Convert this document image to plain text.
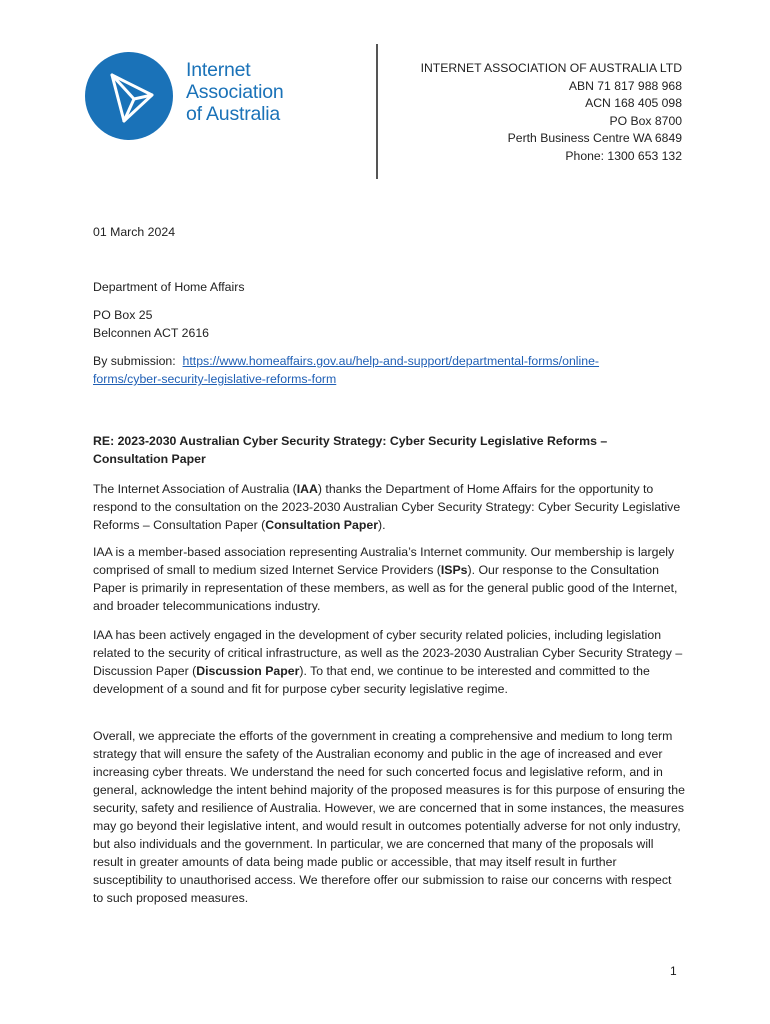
Internet
Association
of Australia
INTERNET ASSOCIATION OF AUSTRALIA LTD
ABN 71 817 988 968
ACN 168 405 098
PO Box 8700
Perth Business Centre WA 6849
Phone: 1300 653 132
01 March 2024
Department of Home Affairs
PO Box 25
Belconnen ACT 2616
By submission: https://www.homeaffairs.gov.au/help-and-support/departmental-forms/online-
forms/cyber-security-legislative-reforms-form
RE: 2023-2030 Australian Cyber Security Strategy: Cyber Security Legislative Reforms –
Consultation Paper

The Internet Association of Australia (IAA) thanks the Department of Home Affairs for the opportunity to respond to the consultation on the 2023-2030 Australian Cyber Security Strategy: Cyber Security Legislative Reforms – Consultation Paper (Consultation Paper).

IAA is a member-based association representing Australia’s Internet community. Our membership is largely comprised of small to medium sized Internet Service Providers (ISPs). Our response to the Consultation Paper is primarily in representation of these members, as well as for the general public good of the Internet, and broader telecommunications industry.

IAA has been actively engaged in the development of cyber security related policies, including legislation related to the security of critical infrastructure, as well as the 2023-2030 Australian Cyber Security Strategy – Discussion Paper (Discussion Paper). To that end, we continue to be interested and committed to the development of a sound and fit for purpose cyber security legislative regime.

Overall, we appreciate the efforts of the government in creating a comprehensive and medium to long term strategy that will ensure the safety of the Australian economy and public in the age of increased and ever increasing cyber threats. We understand the need for such concerted focus and legislative reform, and in general, acknowledge the intent behind majority of the proposed measures is for this purpose of ensuring the security, safety and resilience of Australia. However, we are concerned that in some instances, the measures may go beyond their legislative intent, and would result in outcomes potentially adverse for not only industry, but also individuals and the government. In particular, we are concerned that many of the proposals will result in greater amounts of data being made public or accessible, that may itself result in further susceptibility to unauthorised access. We therefore offer our submission to raise our concerns with respect to such proposed measures.

1
